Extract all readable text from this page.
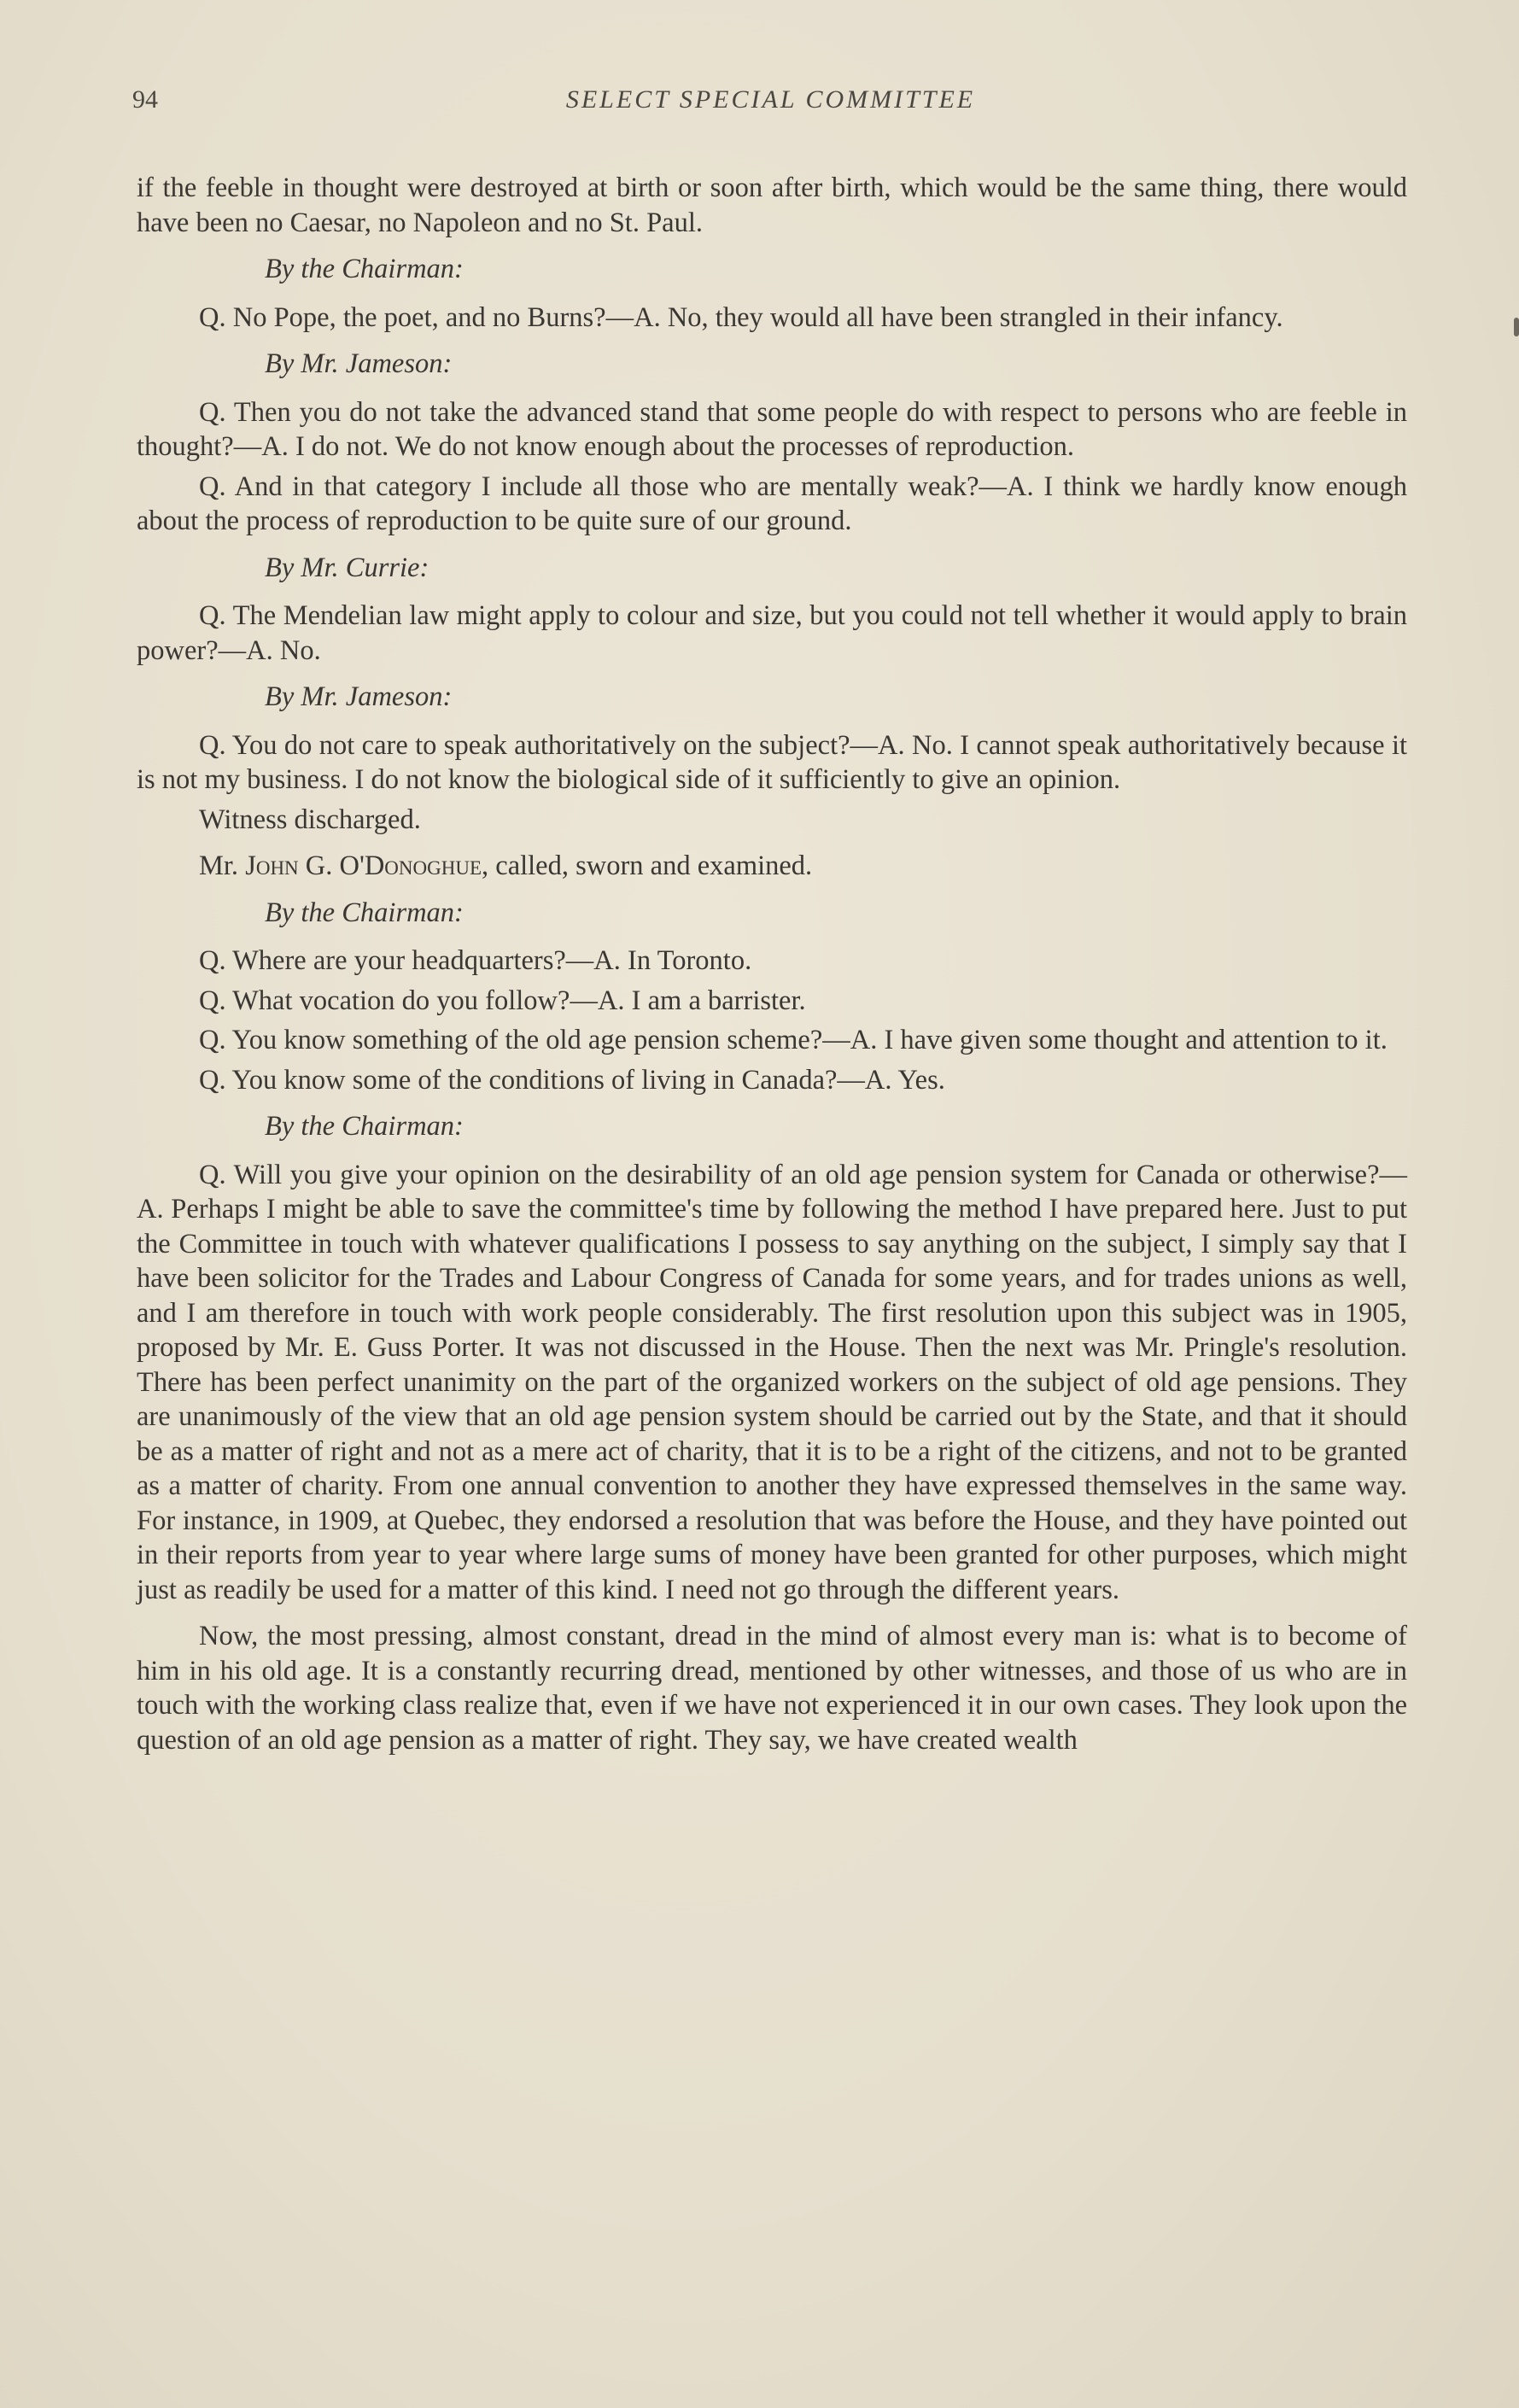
94	SELECT SPECIAL COMMITTEE

if the feeble in thought were destroyed at birth or soon after birth, which would be the same thing, there would have been no Caesar, no Napoleon and no St. Paul.

By the Chairman:

Q. No Pope, the poet, and no Burns?—A. No, they would all have been strangled in their infancy.

By Mr. Jameson:

Q. Then you do not take the advanced stand that some people do with respect to persons who are feeble in thought?—A. I do not. We do not know enough about the processes of reproduction.

Q. And in that category I include all those who are mentally weak?—A. I think we hardly know enough about the process of reproduction to be quite sure of our ground.

By Mr. Currie:

Q. The Mendelian law might apply to colour and size, but you could not tell whether it would apply to brain power?—A. No.

By Mr. Jameson:

Q. You do not care to speak authoritatively on the subject?—A. No. I cannot speak authoritatively because it is not my business. I do not know the biological side of it sufficiently to give an opinion.

Witness discharged.

Mr. John G. O'Donoghue, called, sworn and examined.

By the Chairman:

Q. Where are your headquarters?—A. In Toronto.

Q. What vocation do you follow?—A. I am a barrister.

Q. You know something of the old age pension scheme?—A. I have given some thought and attention to it.

Q. You know some of the conditions of living in Canada?—A. Yes.

By the Chairman:

Q. Will you give your opinion on the desirability of an old age pension system for Canada or otherwise?—A. Perhaps I might be able to save the committee's time by following the method I have prepared here. Just to put the Committee in touch with whatever qualifications I possess to say anything on the subject, I simply say that I have been solicitor for the Trades and Labour Congress of Canada for some years, and for trades unions as well, and I am therefore in touch with work people considerably. The first resolution upon this subject was in 1905, proposed by Mr. E. Guss Porter. It was not discussed in the House. Then the next was Mr. Pringle's resolution. There has been perfect unanimity on the part of the organized workers on the subject of old age pensions. They are unanimously of the view that an old age pension system should be carried out by the State, and that it should be as a matter of right and not as a mere act of charity, that it is to be a right of the citizens, and not to be granted as a matter of charity. From one annual convention to another they have expressed themselves in the same way. For instance, in 1909, at Quebec, they endorsed a resolution that was before the House, and they have pointed out in their reports from year to year where large sums of money have been granted for other purposes, which might just as readily be used for a matter of this kind. I need not go through the different years.

Now, the most pressing, almost constant, dread in the mind of almost every man is: what is to become of him in his old age. It is a constantly recurring dread, mentioned by other witnesses, and those of us who are in touch with the working class realize that, even if we have not experienced it in our own cases. They look upon the question of an old age pension as a matter of right. They say, we have created wealth
